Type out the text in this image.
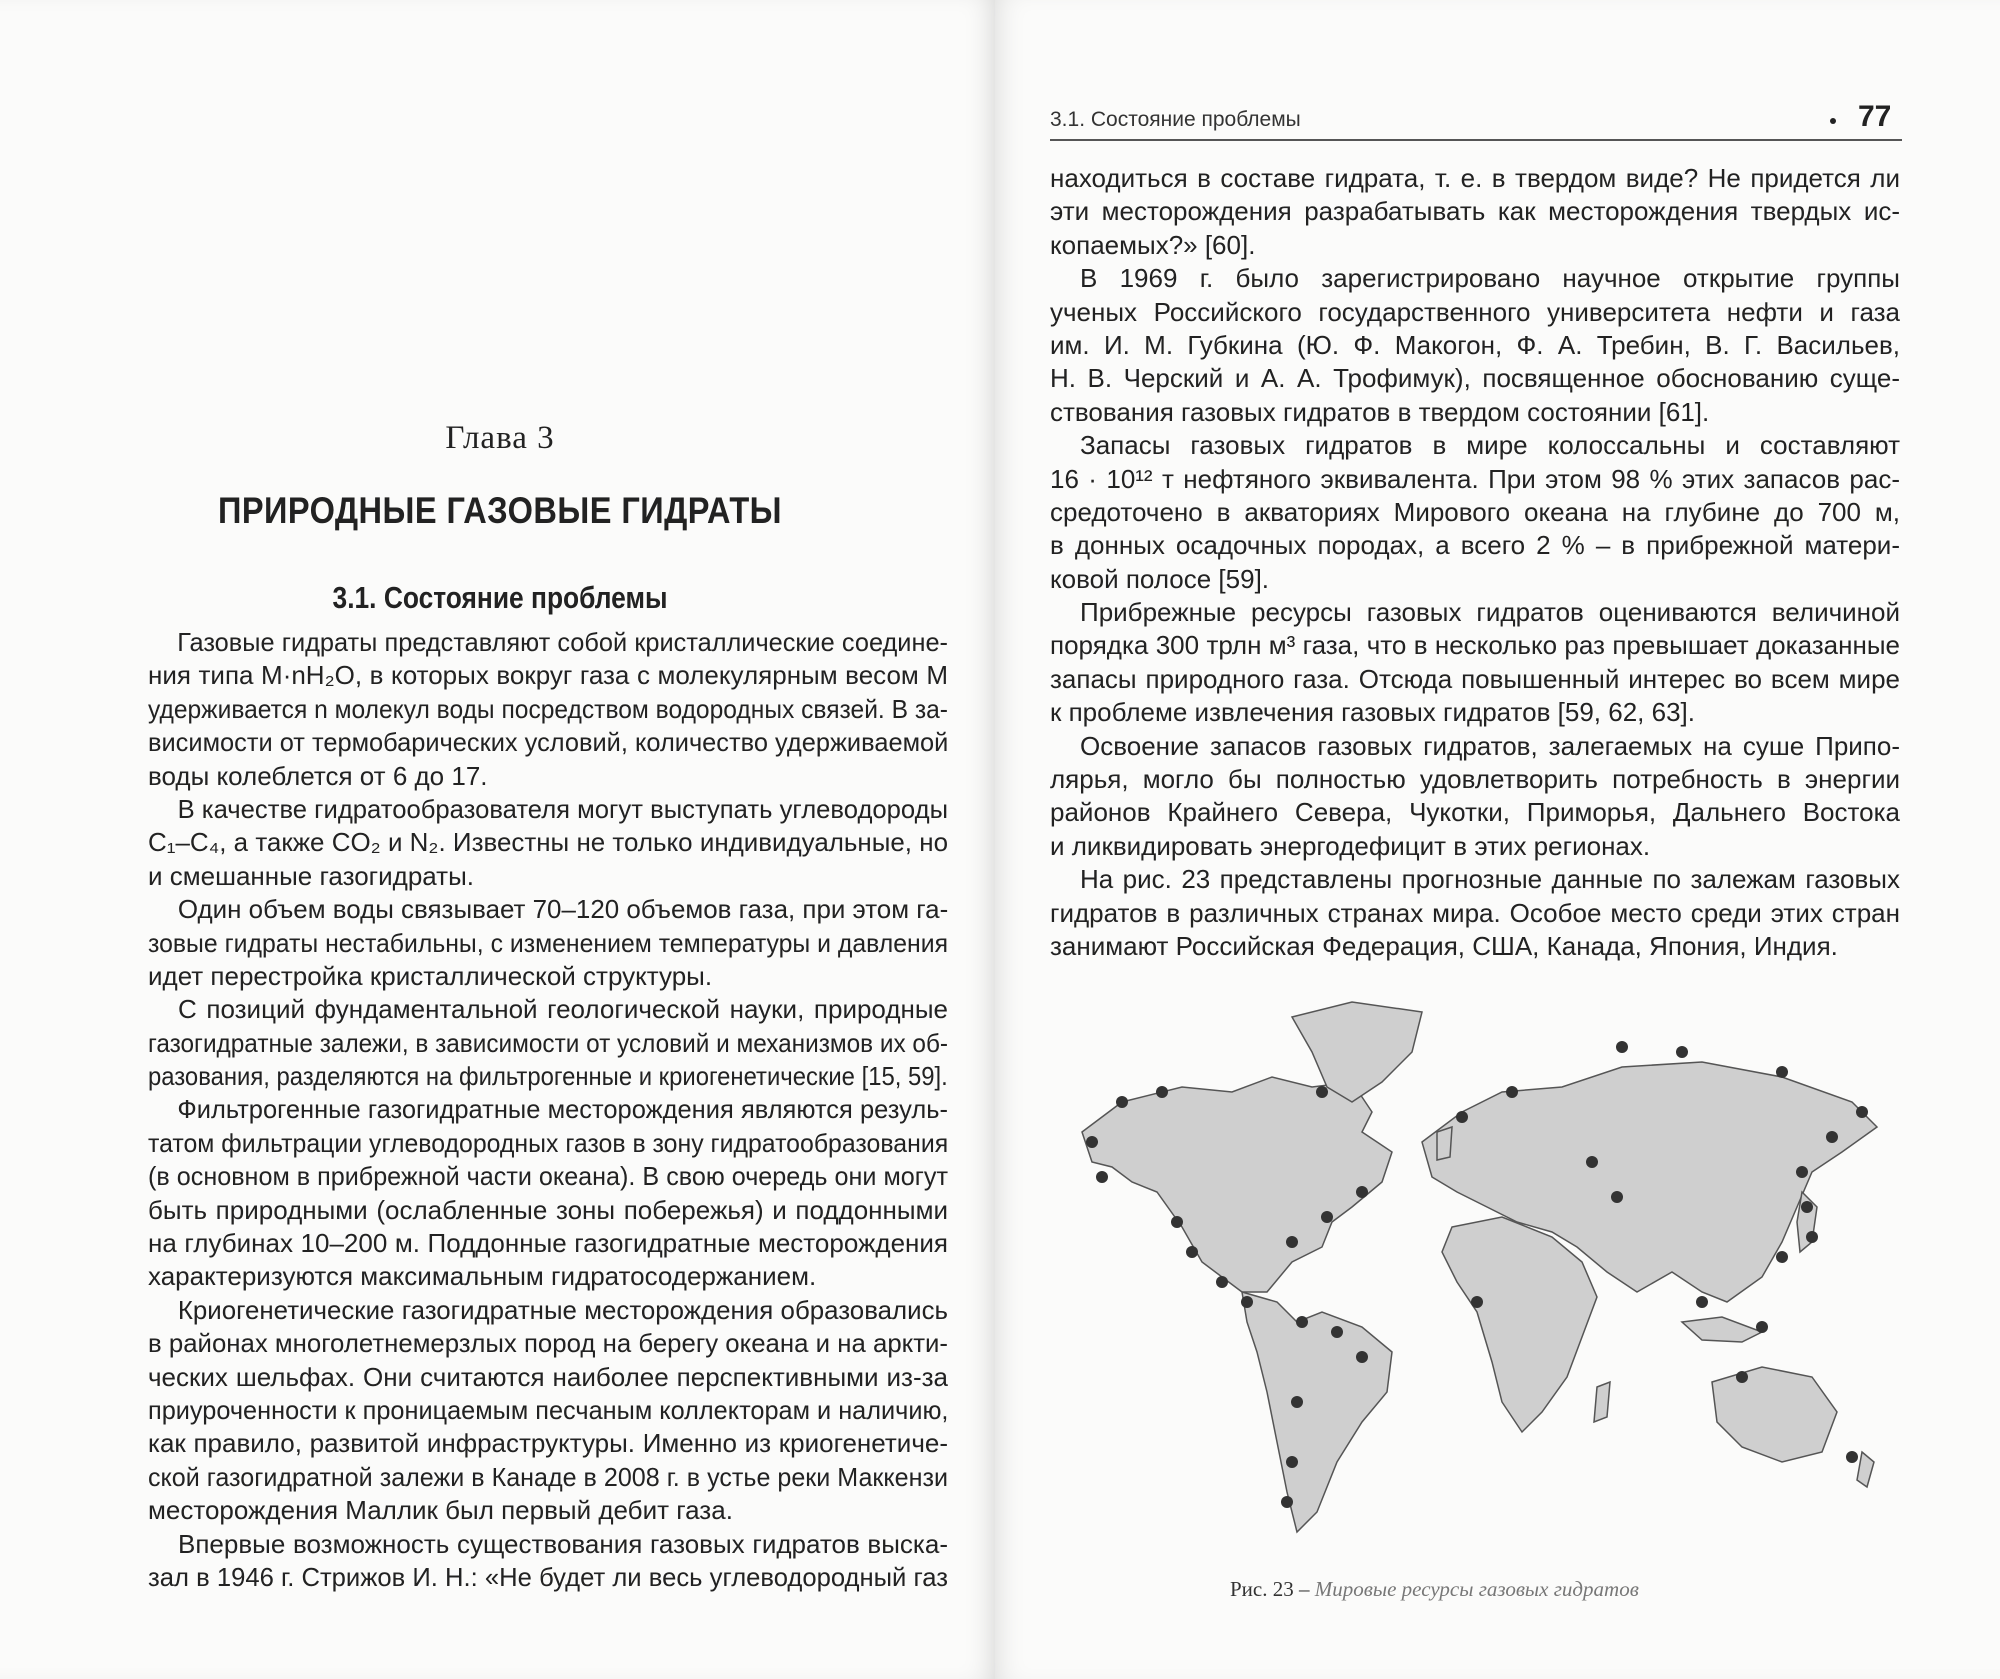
Глава 3
ПРИРОДНЫЕ ГАЗОВЫЕ ГИДРАТЫ
3.1. Состояние проблемы
Газовые гидраты представляют собой кристаллические соедине-
ния типа M·nH₂O, в которых вокруг газа с молекулярным весом M
удерживается n молекул воды посредством водородных связей. В за-
висимости от термобарических условий, количество удерживаемой
воды колеблется от 6 до 17.
В качестве гидратообразователя могут выступать углеводороды
C₁–C₄, а также CO₂ и N₂. Известны не только индивидуальные, но
и смешанные газогидраты.
Один объем воды связывает 70–120 объемов газа, при этом га-
зовые гидраты нестабильны, с изменением температуры и давления
идет перестройка кристаллической структуры.
С позиций фундаментальной геологической науки, природные
газогидратные залежи, в зависимости от условий и механизмов их об-
разования, разделяются на фильтрогенные и криогенетические [15, 59].
Фильтрогенные газогидратные месторождения являются резуль-
татом фильтрации углеводородных газов в зону гидратообразования
(в основном в прибрежной части океана). В свою очередь они могут
быть природными (ослабленные зоны побережья) и поддонными
на глубинах 10–200 м. Поддонные газогидратные месторождения
характеризуются максимальным гидратосодержанием.
Криогенетические газогидратные месторождения образовались
в районах многолетнемерзлых пород на берегу океана и на аркти-
ческих шельфах. Они считаются наиболее перспективными из-за
приуроченности к проницаемым песчаным коллекторам и наличию,
как правило, развитой инфраструктуры. Именно из криогенетиче-
ской газогидратной залежи в Канаде в 2008 г. в устье реки Маккензи
месторождения Маллик был первый дебит газа.
Впервые возможность существования газовых гидратов выска-
зал в 1946 г. Стрижов И. Н.: «Не будет ли весь углеводородный газ
3.1. Состояние проблемы	77
находиться в составе гидрата, т. е. в твердом виде? Не придется ли
эти месторождения разрабатывать как месторождения твердых ис-
копаемых?» [60].
В 1969 г. было зарегистрировано научное открытие группы
ученых Российского государственного университета нефти и газа
им. И. М. Губкина (Ю. Ф. Макогон, Ф. А. Требин, В. Г. Васильев,
Н. В. Черский и А. А. Трофимук), посвященное обоснованию суще-
ствования газовых гидратов в твердом состоянии [61].
Запасы газовых гидратов в мире колоссальны и составляют
16 · 10¹² т нефтяного эквивалента. При этом 98 % этих запасов рас-
средоточено в акваториях Мирового океана на глубине до 700 м,
в донных осадочных породах, а всего 2 % – в прибрежной матери-
ковой полосе [59].
Прибрежные ресурсы газовых гидратов оцениваются величиной
порядка 300 трлн м³ газа, что в несколько раз превышает доказанные
запасы природного газа. Отсюда повышенный интерес во всем мире
к проблеме извлечения газовых гидратов [59, 62, 63].
Освоение запасов газовых гидратов, залегаемых на суше Припо-
лярья, могло бы полностью удовлетворить потребность в энергии
районов Крайнего Севера, Чукотки, Приморья, Дальнего Востока
и ликвидировать энергодефицит в этих регионах.
На рис. 23 представлены прогнозные данные по залежам газовых
гидратов в различных странах мира. Особое место среди этих стран
занимают Российская Федерация, США, Канада, Япония, Индия.
Рис. 23 – Мировые ресурсы газовых гидратов
